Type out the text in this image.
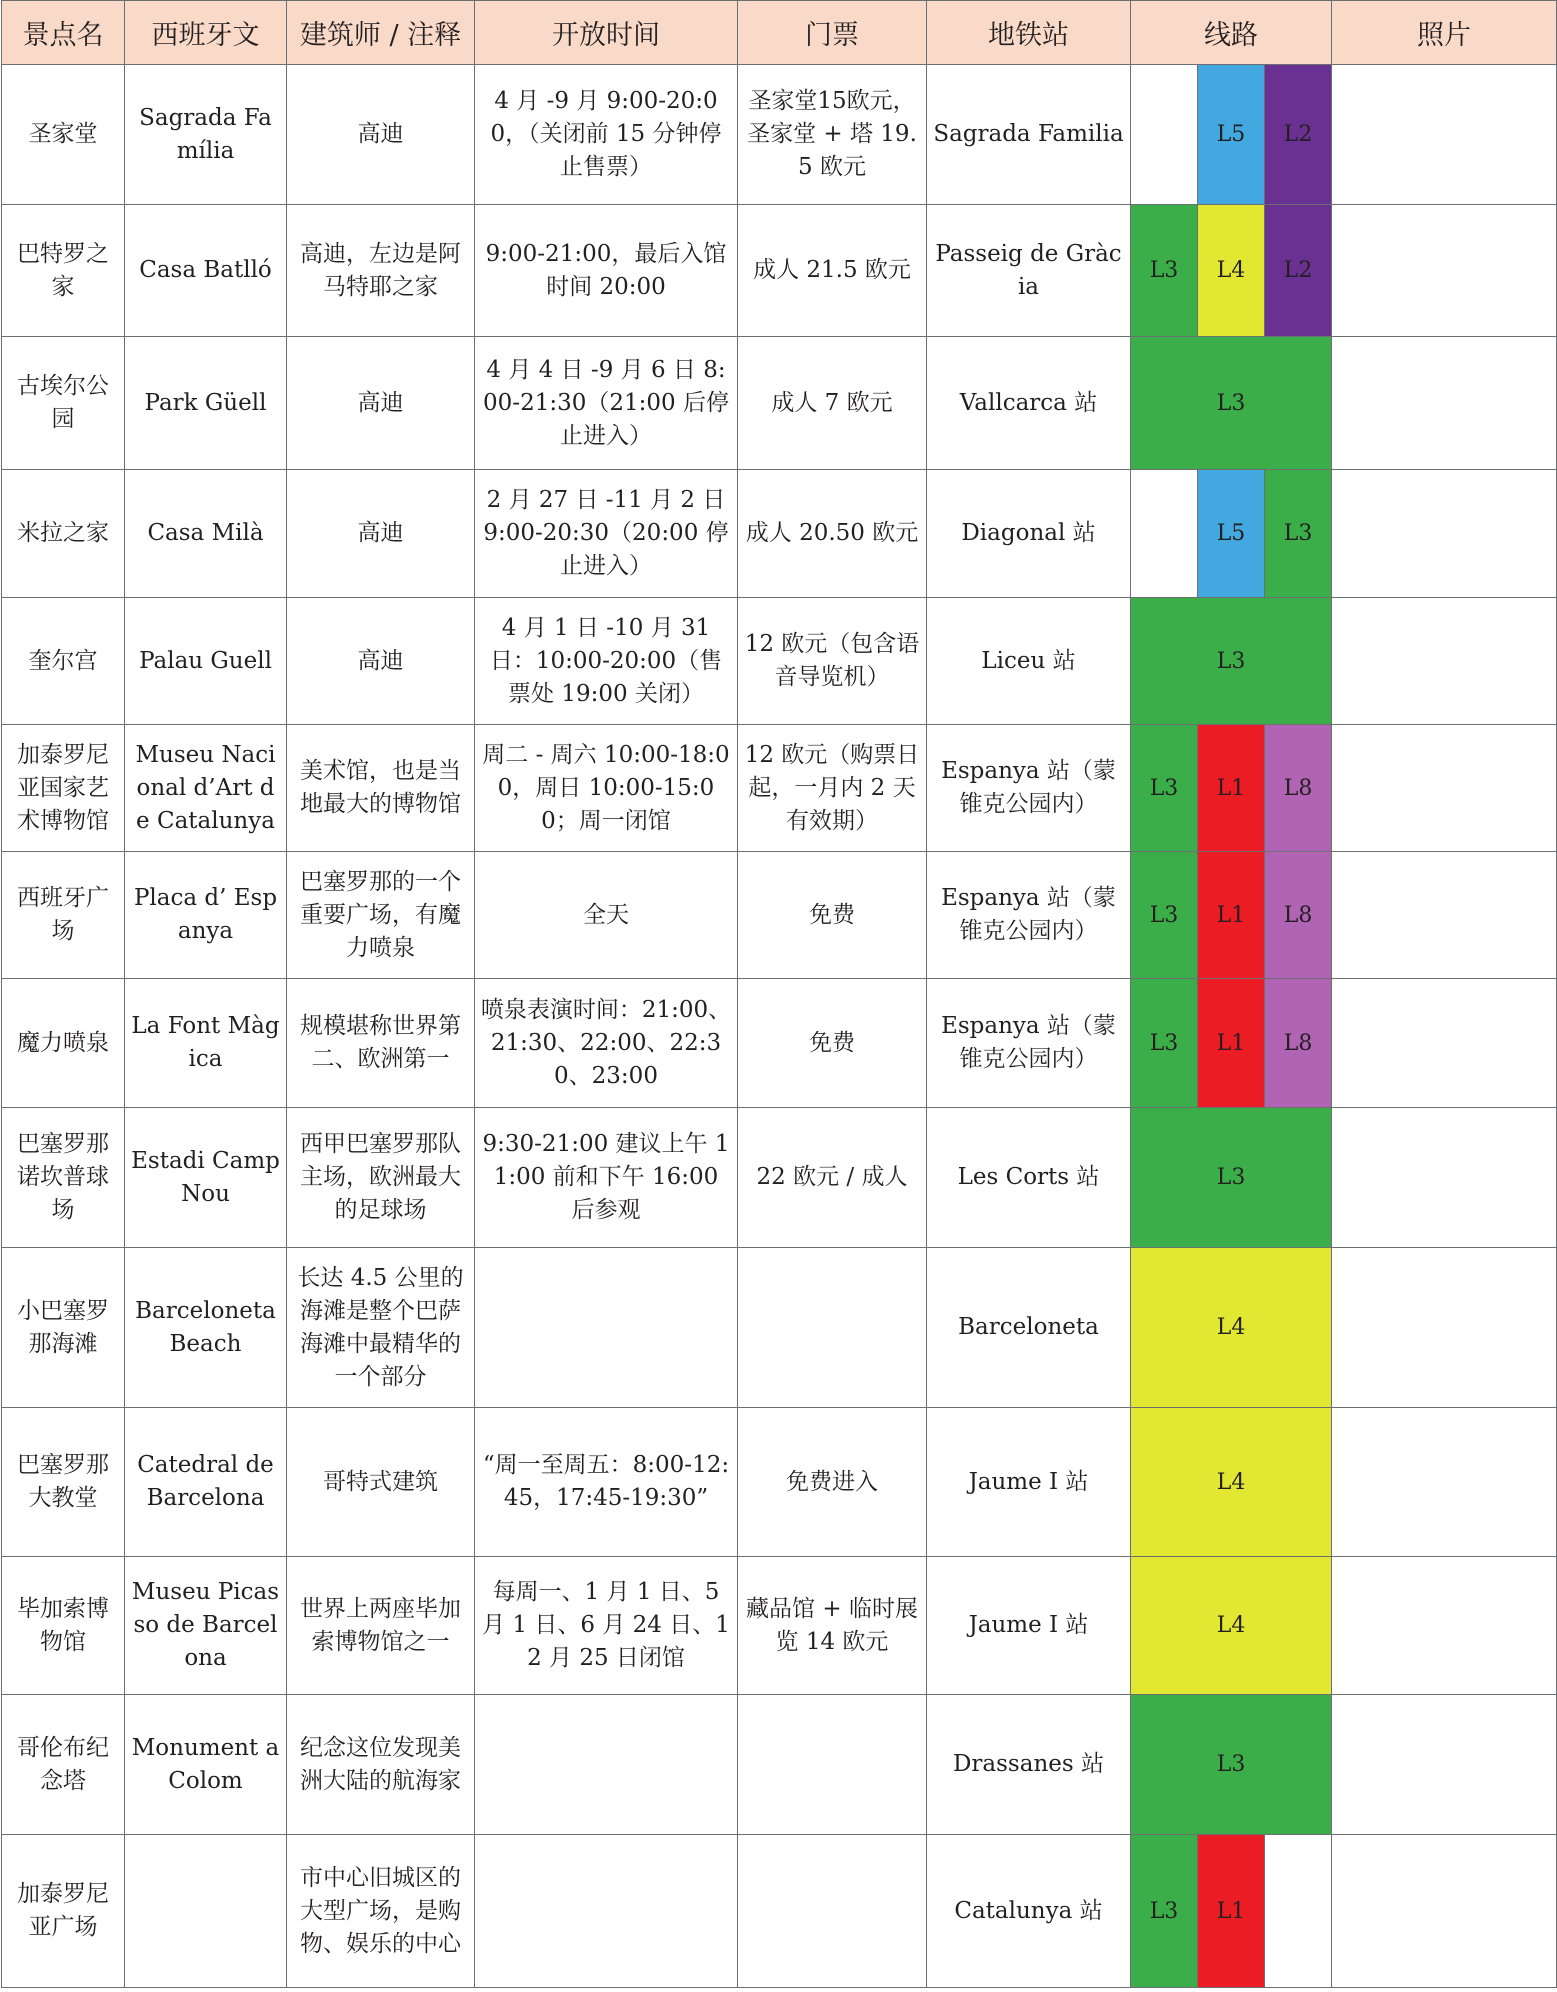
景点名	西班牙文	建筑师 / 注释	开放时间	门票	地铁站	线路			照片
圣家堂	Sagrada Família	高迪	4 月 -9 月 9:00-20:00，（关闭前 15 分钟停止售票）	圣家堂15欧元，圣家堂 + 塔 19.5 欧元	Sagrada Familia		L5	L2	
巴特罗之家	Casa Batlló	高迪，左边是阿马特耶之家	9:00-21:00，最后入馆时间 20:00	成人 21.5 欧元	Passeig de Gràcia	L3	L4	L2	
古埃尔公园	Park Güell	高迪	4 月 4 日 -9 月 6 日 8:00-21:30（21:00 后停止进入）	成人 7 欧元	Vallcarca 站	L3			
米拉之家	Casa Milà	高迪	2 月 27 日 -11 月 2 日 9:00-20:30（20:00 停止进入）	成人 20.50 欧元	Diagonal 站		L5	L3	
奎尔宫	Palau Guell	高迪	4 月 1 日 -10 月 31 日：10:00-20:00（售票处 19:00 关闭）	12 欧元（包含语音导览机）	Liceu 站	L3			
加泰罗尼亚国家艺术博物馆	Museu Nacional d’Art de Catalunya	美术馆，也是当地最大的博物馆	周二 - 周六 10:00-18:00，周日 10:00-15:00；周一闭馆	12 欧元（购票日起，一月内 2 天有效期）	Espanya 站（蒙锥克公园内）	L3	L1	L8	
西班牙广场	Placa d’ Espanya	巴塞罗那的一个重要广场，有魔力喷泉	全天	免费	Espanya 站（蒙锥克公园内）	L3	L1	L8	
魔力喷泉	La Font Màgica	规模堪称世界第二、欧洲第一	喷泉表演时间：21:00、21:30、22:00、22:30、23:00	免费	Espanya 站（蒙锥克公园内）	L3	L1	L8	
巴塞罗那诺坎普球场	Estadi Camp Nou	西甲巴塞罗那队主场，欧洲最大的足球场	9:30-21:00 建议上午 11:00 前和下午 16:00 后参观	22 欧元 / 成人	Les Corts 站	L3			
小巴塞罗那海滩	Barceloneta Beach	长达 4.5 公里的海滩是整个巴萨海滩中最精华的一个部分			Barceloneta	L4			
巴塞罗那大教堂	Catedral de Barcelona	哥特式建筑	“周一至周五：8:00-12:45，17:45-19:30”	免费进入	Jaume I 站	L4			
毕加索博物馆	Museu Picasso de Barcelona	世界上两座毕加索博物馆之一	每周一、1 月 1 日、5 月 1 日、6 月 24 日、12 月 25 日闭馆	藏品馆 + 临时展览 14 欧元	Jaume I 站	L4			
哥伦布纪念塔	Monument a Colom	纪念这位发现美洲大陆的航海家			Drassanes 站	L3			
加泰罗尼亚广场		市中心旧城区的大型广场，是购物、娱乐的中心			Catalunya 站	L3	L1		
